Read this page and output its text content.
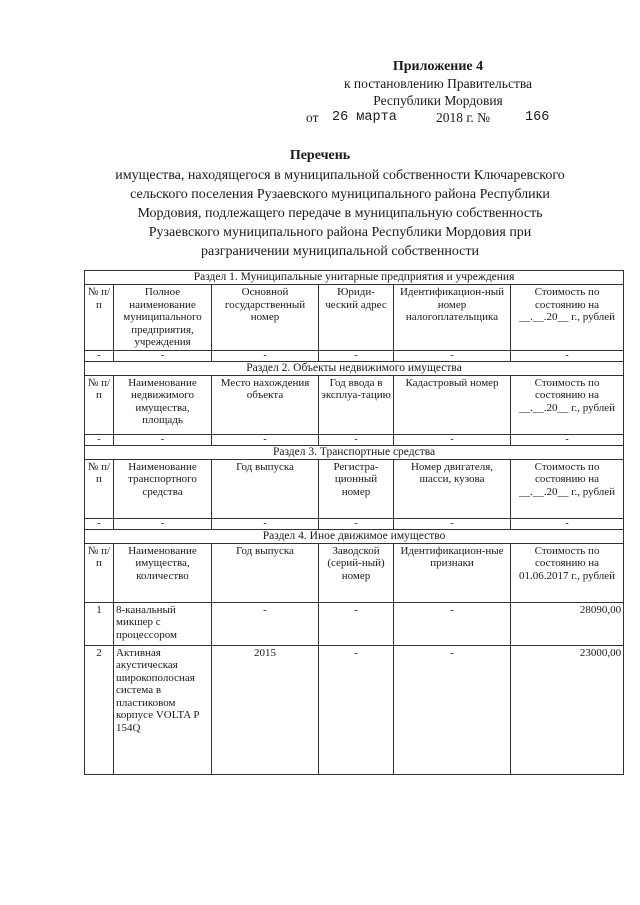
Приложение 4
к постановлению Правительства
Республики Мордовия
от 26 марта	2018 г. №	166
Перечень
имущества, находящегося в муниципальной собственности Ключаревского
сельского поселения Рузаевского муниципального района Республики
Мордовия, подлежащего передаче в муниципальную собственность
Рузаевского муниципального района Республики Мордовия при
разграничении муниципальной собственности
Раздел 1. Муниципальные унитарные предприятия и учреждения					
№ п/п	Полное наименование муниципального предприятия, учреждения	Основной государственный номер	Юриди-ческий адрес	Идентификацион-ный номер налогоплательщика	Стоимость по состоянию на __.__.20__ г., рублей
-	-	-	-	-	-
Раздел 2. Объекты недвижимого имущества					
№ п/п	Наименование недвижимого имущества, площадь	Место нахождения объекта	Год ввода в эксплуа-тацию	Кадастровый номер	Стоимость по состоянию на __.__.20__ г., рублей
-	-	-	-	-	-
Раздел 3. Транспортные средства					
№ п/п	Наименование транспортного средства	Год выпуска	Регистра-ционный номер	Номер двигателя, шасси, кузова	Стоимость по состоянию на __.__.20__ г., рублей
-	-	-	-	-	-
Раздел 4. Иное движимое имущество					
№ п/п	Наименование имущества, количество	Год выпуска	Заводской (серий-ный) номер	Идентификацион-ные признаки	Стоимость по состоянию на 01.06.2017 г., рублей
1	8-канальный микшер с процессором	-	-	-	28090,00
2	Активная акустическая широкополосная система в пластиковом корпусе VOLTA P 154Q	2015	-	-	23000,00
